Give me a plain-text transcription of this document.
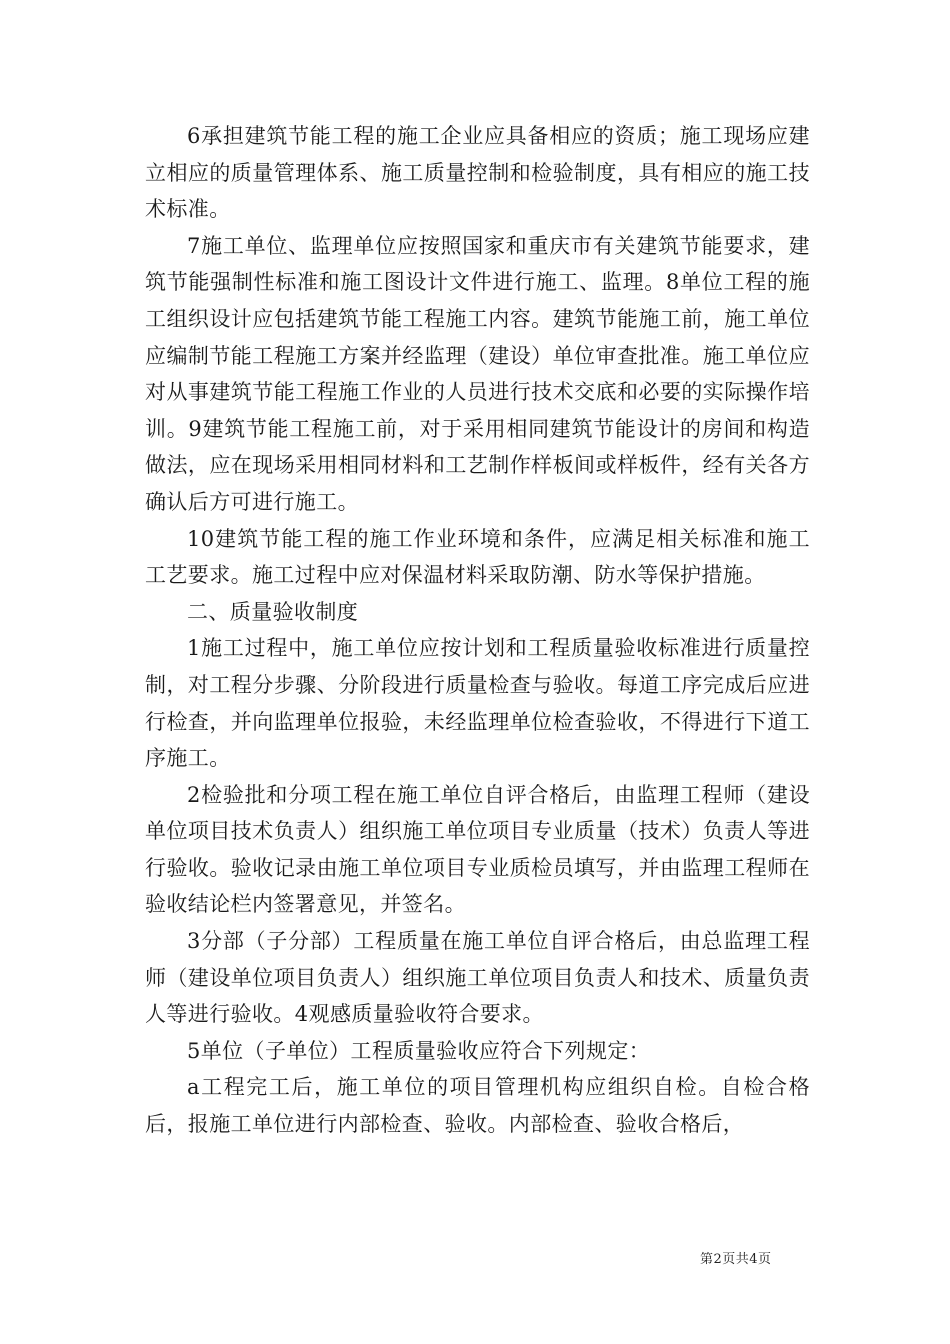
6承担建筑节能工程的施工企业应具备相应的资质；施工现场应建立相应的质量管理体系、施工质量控制和检验制度，具有相应的施工技术标准。

7施工单位、监理单位应按照国家和重庆市有关建筑节能要求，建筑节能强制性标准和施工图设计文件进行施工、监理。8单位工程的施工组织设计应包括建筑节能工程施工内容。建筑节能施工前，施工单位应编制节能工程施工方案并经监理（建设）单位审查批准。施工单位应对从事建筑节能工程施工作业的人员进行技术交底和必要的实际操作培训。9建筑节能工程施工前，对于采用相同建筑节能设计的房间和构造做法，应在现场采用相同材料和工艺制作样板间或样板件，经有关各方确认后方可进行施工。

10建筑节能工程的施工作业环境和条件，应满足相关标准和施工工艺要求。施工过程中应对保温材料采取防潮、防水等保护措施。

二、质量验收制度

1施工过程中，施工单位应按计划和工程质量验收标准进行质量控制，对工程分步骤、分阶段进行质量检查与验收。每道工序完成后应进行检查，并向监理单位报验，未经监理单位检查验收，不得进行下道工序施工。

2检验批和分项工程在施工单位自评合格后，由监理工程师（建设单位项目技术负责人）组织施工单位项目专业质量（技术）负责人等进行验收。验收记录由施工单位项目专业质检员填写，并由监理工程师在验收结论栏内签署意见，并签名。

3分部（子分部）工程质量在施工单位自评合格后，由总监理工程师（建设单位项目负责人）组织施工单位项目负责人和技术、质量负责人等进行验收。4观感质量验收符合要求。

5单位（子单位）工程质量验收应符合下列规定：

a工程完工后，施工单位的项目管理机构应组织自检。自检合格后，报施工单位进行内部检查、验收。内部检查、验收合格后，

第2页共4页
